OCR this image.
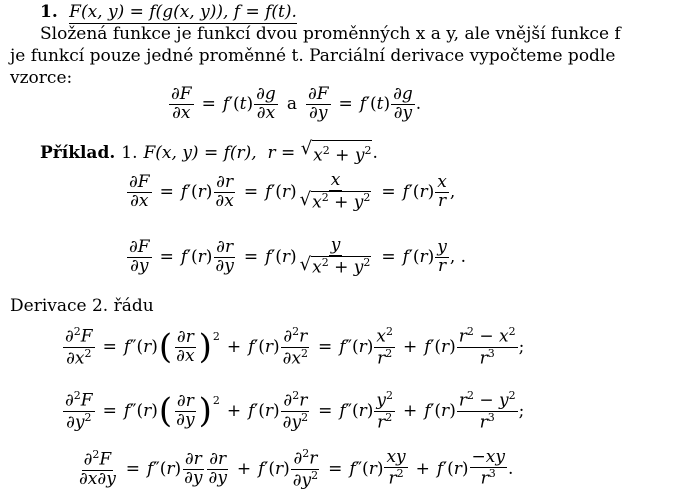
1. F(x, y) = f(g(x, y)), f = f(t).
Složená funkce je funkcí dvou proměnných x a y, ale vnější funkce f
je funkcí pouze jedné proměnné t. Parciální derivace vypočteme podle
vzorce:
$\frac{\partial F}{\partial x} = f$ ′( t ) $\frac{\partial g}{\partial x}$ a $\frac{\partial F}{\partial y} = f$ ′( t ) $\frac{\partial g}{\partial y}$ .
Příklad. 1. F(x, y) = f(r),  r = √ $x^2 + y^2$ .
$\frac{\partial F}{\partial x} = f$ ′( r ) $\frac{\partial r}{\partial x} = f$ ′( r ) $\frac{x}{√ x^2 + y^2} = f$ ′( r ) $\frac{x}{r}$ ,
$\frac{\partial F}{\partial y} = f$ ′( r ) $\frac{\partial r}{\partial y} = f$ ′( r ) $\frac{y}{√ x^2 + y^2} = f$ ′( r ) $\frac{y}{r}$ , .
Derivace 2. řádu
$\frac{\partial^2F}{\partial x^2} = f$ ″( r ) ( $\frac{\partial r}{\partial x} )^2$
+ f ′( r ) $\frac{\partial^2r}{\partial x^2} = f$ ″( r ) $\frac{x^2}{r^2} + f$ ′( r ) $\frac{r^2 - x^2}{r^3}$ ;
$\frac{\partial^2F}{\partial y^2} = f$ ″( r ) ( $\frac{\partial r}{\partial y} )^2$
+ f ′( r ) $\frac{\partial^2r}{\partial y^2} = f$ ″( r ) $\frac{y^2}{r^2} + f$ ′( r ) $\frac{r^2 - y^2}{r^3}$ ;
$\frac{\partial^2F}{\partial x\partial y} = f$ ″( r ) $\frac{\partial r}{\partial y} \frac{\partial r}{\partial y} + f$ ′( r ) $\frac{\partial^2r}{\partial y^2} = f$ ″( r ) $\frac{xy}{r^2} + f$ ′( r ) $\frac{-xy}{r^3}$ .
